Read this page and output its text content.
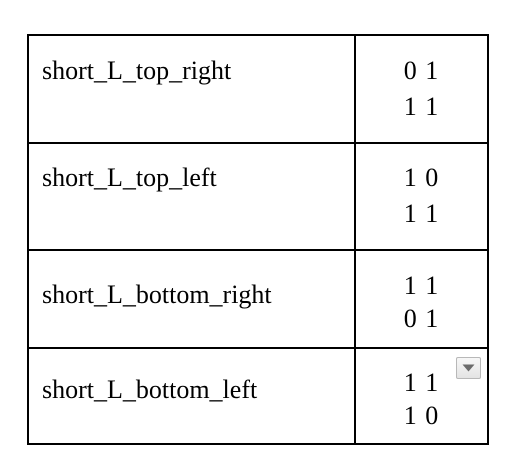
short_L_top_right	0 1
1 1
short_L_top_left	1 0
1 1
short_L_bottom_right	1 1
0 1
short_L_bottom_left	1 1
1 0
